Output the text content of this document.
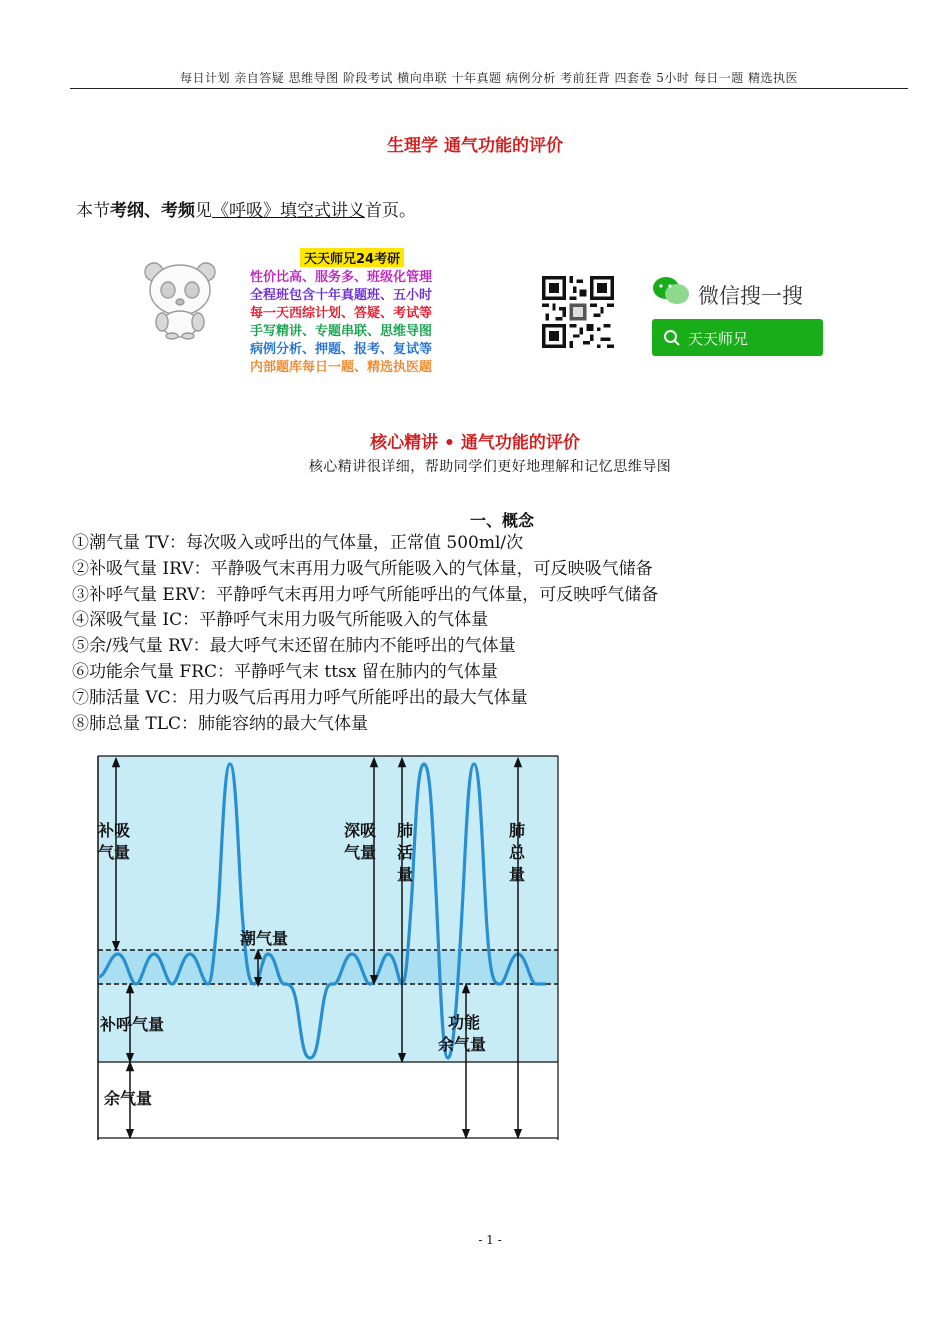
每日计划 亲自答疑 思维导图 阶段考试 横向串联 十年真题 病例分析 考前狂背 四套卷 5小时 每日一题 精选执医
生理学 通气功能的评价
本节考纲、考频见《呼吸》填空式讲义首页。
天天师兄24考研
性价比高、服务多、班级化管理
全程班包含十年真题班、五小时
每一天西综计划、答疑、考试等
手写精讲、专题串联、思维导图
病例分析、押题、报考、复试等
内部题库每日一题、精选执医题
微信搜一搜
天天师兄
核心精讲 • 通气功能的评价
核心精讲很详细，帮助同学们更好地理解和记忆思维导图
一、概念
①潮气量 TV：每次吸入或呼出的气体量，正常值 500ml/次
②补吸气量 IRV：平静吸气末再用力吸气所能吸入的气体量，可反映吸气储备
③补呼气量 ERV：平静呼气末再用力呼气所能呼出的气体量，可反映呼气储备
④深吸气量 IC：平静呼气末用力吸气所能吸入的气体量
⑤余/残气量 RV：最大呼气末还留在肺内不能呼出的气体量
⑥功能余气量 FRC：平静呼气末 ttsx 留在肺内的气体量
⑦肺活量 VC：用力吸气后再用力呼气所能呼出的最大气体量
⑧肺总量 TLC：肺能容纳的最大气体量
补吸
气量
潮气量
补呼气量
余气量
深吸
气量
肺
活
量
肺
总
量
功能
余气量
- 1 -
